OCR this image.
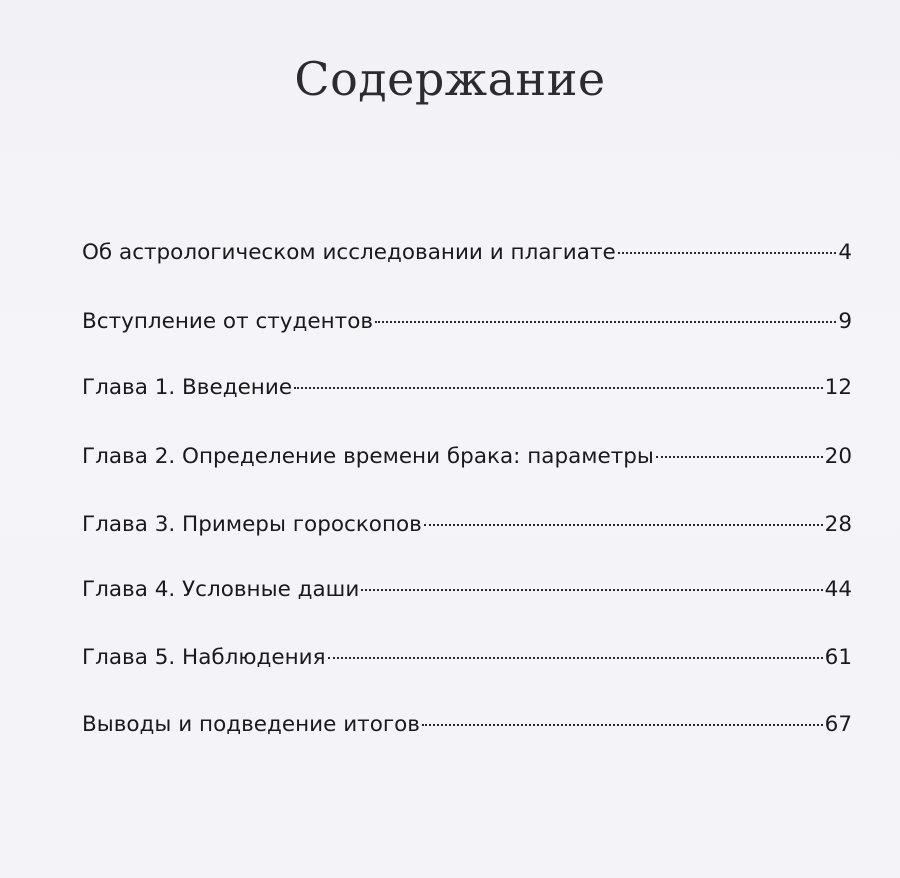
Содержание
Об астрологическом исследовании и плагиате	4
Вступление от студентов	9
Глава 1. Введение	12
Глава 2. Определение времени брака: параметры	20
Глава 3. Примеры гороскопов	28
Глава 4. Условные даши	44
Глава 5. Наблюдения	61
Выводы и подведение итогов	67
